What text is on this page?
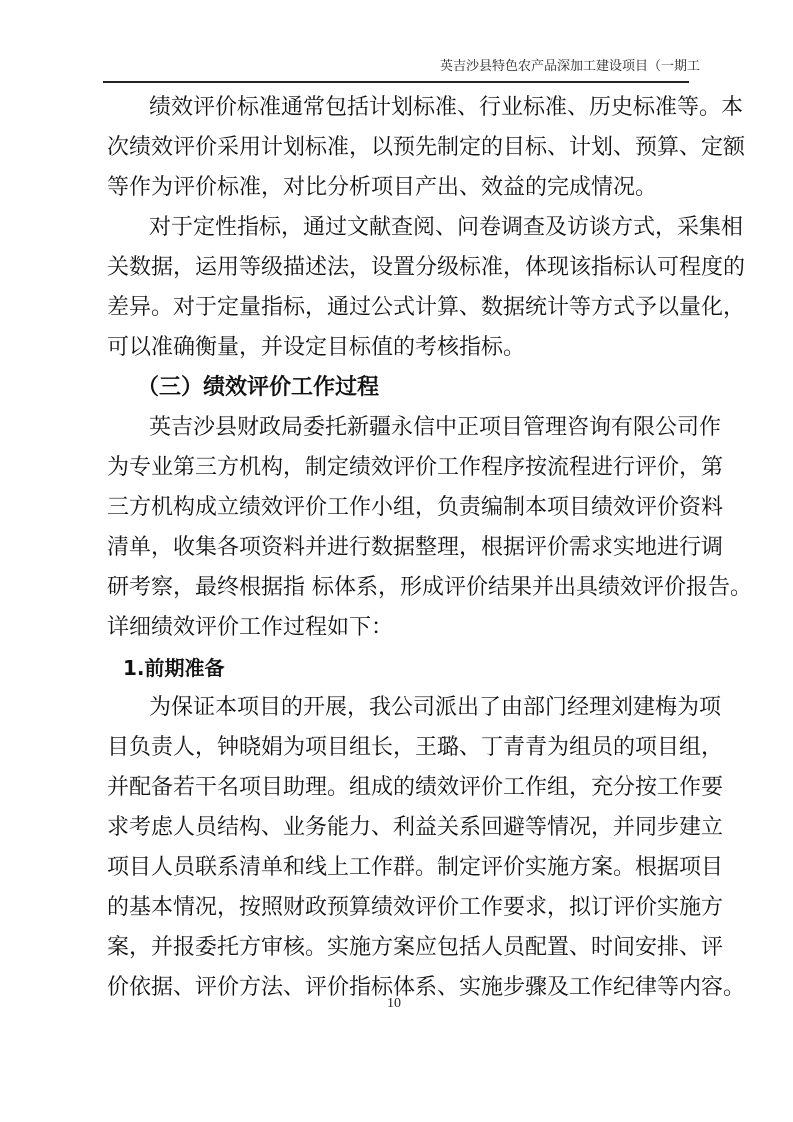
英吉沙县特色农产品深加工建设项目（一期工
绩效评价标准通常包括计划标准、行业标准、历史标准等。本
次绩效评价采用计划标准，以预先制定的目标、计划、预算、定额
等作为评价标准，对比分析项目产出、效益的完成情况。
对于定性指标，通过文献查阅、问卷调查及访谈方式，采集相
关数据，运用等级描述法，设置分级标准，体现该指标认可程度的
差异。对于定量指标，通过公式计算、数据统计等方式予以量化，
可以准确衡量，并设定目标值的考核指标。
（三）绩效评价工作过程
英吉沙县财政局委托新疆永信中正项目管理咨询有限公司作
为专业第三方机构，制定绩效评价工作程序按流程进行评价，第
三方机构成立绩效评价工作小组，负责编制本项目绩效评价资料
清单，收集各项资料并进行数据整理，根据评价需求实地进行调
研考察，最终根据指 标体系，形成评价结果并出具绩效评价报告。
详细绩效评价工作过程如下：
1.前期准备
为保证本项目的开展，我公司派出了由部门经理刘建梅为项
目负责人，钟晓娟为项目组长，王璐、丁青青为组员的项目组，
并配备若干名项目助理。组成的绩效评价工作组，充分按工作要
求考虑人员结构、业务能力、利益关系回避等情况，并同步建立
项目人员联系清单和线上工作群。制定评价实施方案。根据项目
的基本情况，按照财政预算绩效评价工作要求，拟订评价实施方
案，并报委托方审核。实施方案应包括人员配置、时间安排、评
价依据、评价方法、评价指标体系、实施步骤及工作纪律等内容。
10
